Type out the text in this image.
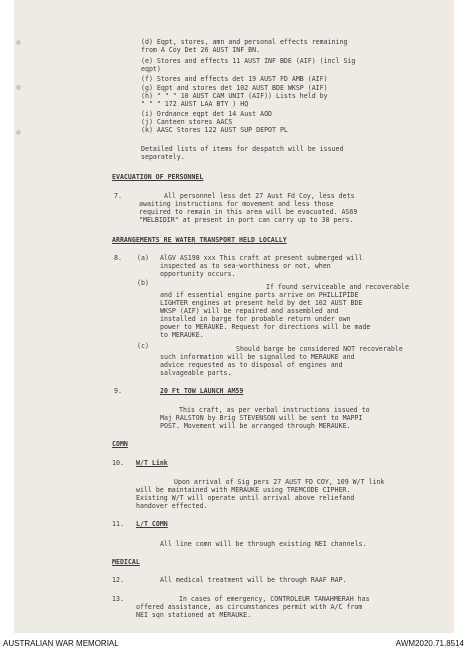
(d) Eqpt, stores, amn and personal effects remaining
from A Coy Det 26 AUST INF BN.
(e) Stores and effects 11 AUST INF BDE (AIF) (incl Sig
eqpt)
(f) Stores and effects det 19 AUST FD AMB (AIF)
(g) Eqpt and stores det 102 AUST BDE WKSP (AIF)
(h) " " " 10 AUST CAM UNIT (AIF)) Lists held by
" " " 172 AUST LAA BTY ) HQ
(i) Ordnance eqpt det 14 Aust AOD
(j) Canteen stores AACS
(k) AASC Stores 122 AUST SUP DEPOT PL
Detailed lists of items for despatch will be issued
separately.
EVACUATION OF PERSONNEL
7.	All personnel less det 27 Aust Fd Coy, less dets
awaiting instructions for movement and less those
required to remain in this area will be evacuated. AS69
"MELBIDIR" at present in port can carry up to 30 pers.
ARRANGEMENTS RE WATER TRANSPORT HELD LOCALLY
8. (a) AlGV AS198 xxx This craft at present submerged will
inspected as to sea-worthiness or not, when
opportunity occurs.
(b)	If found serviceable and recoverable
and if essential engine parts arrive on PHILLIPIDE
LIGHTER engines at present held by det 102 AUST BDE
WKSP (AIF) will be repaired and assembled and
installed in barge for probable return under own
power to MERAUKE. Request for directions will be made
to MERAUKE.
(c)	Should barge be considered NOT recoverable
such information will be signalled to MERAUKE and
advice requested as to disposal of engines and
salvageable parts.
9.	20 Ft TOW LAUNCH AM59
This craft, as per verbal instructions issued to
Maj RALSTON by Brig STEVENSON will be sent to MAPPI
POST. Movement will be arranged through MERAUKE.
COMN
10. W/T Link
Upon arrival of Sig pers 27 AUST FD COY, 109 W/T link
will be maintained with MERAUKE using TREMCODE CIPHER.
Existing W/T will operate until arrival above reliefand
handover effected.
11. L/T COMN
All line comn will be through existing NEI channels.
MEDICAL
12.	All medical treatment will be through RAAF RAP.
13.	In cases of emergency, CONTROLEUR TANAHMERAH has
offered assistance, as circumstances permit with A/C from
NEI sqn stationed at MERAUKE.
AUSTRALIAN WAR MEMORIAL	AWM2020.71.8514
